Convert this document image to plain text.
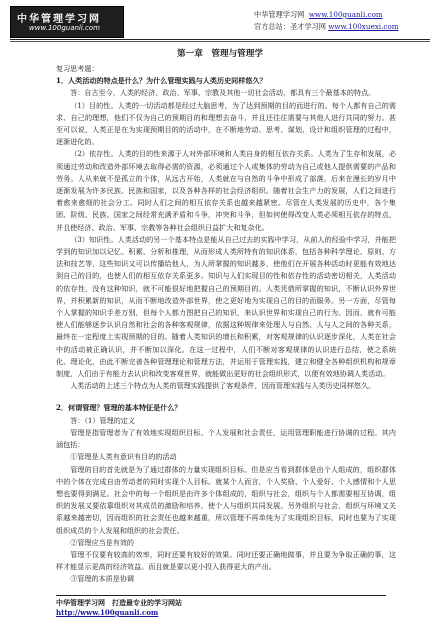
中华管理学习网
www.100guanli.com
中华管理学习网 www.100guanli.com
官方总站：圣才学习网 www.100xuexi.com
第一章　管理与管理学

复习思考题：

1．人类活动的特点是什么？为什么管理实践与人类历史同样悠久？

答：自古至今，人类的经济、政治、军事、宗教及其他一切社会活动，都具有三个最基本的特点。

（1）目的性。人类的一切活动都是经过大脑思考，为了达到预期的目的而进行的。每个人都有自己的需求、自己的理想，他们不仅为自己的预期目的和理想去奋斗，并且还往往需要与其他人进行共同的努力。甚至可以说，人类正是在为实现预期目的的活动中，在不断地劳动、思考、谋划、设计和组织管理的过程中，逐渐进化的。

（2）依存性。人类的目的性来源于人对外部环境和人类自身的相互依存关系。人类为了生存和发展，必须通过劳动和改造外部环境去取得必需的资源，必须通过个人或集体的劳动为自己或他人提供需要的产品和劳务。人从来就不是孤立的个体，从远古开始，人类就在与自然的斗争中形成了部落，后来在漫长的岁月中逐渐发展为许多民族、民族和国家，以及各种各样的社会经济组织。随着社会生产力的发展，人们之间进行着愈来愈细的社会分工。同时人们之间的相互依存关系也越来越紧密。尽管在人类发展的历史中，各个集团、阶级、民族、国家之间经常充满矛盾和斗争，冲突和斗争，但如何使得改变人类必须相互依存的特点，并且使经济、政治、军事、宗教等各种社会组织日益扩大和复杂化。

（3）知识性。人类活动的另一个基本特点是能从自己过去的实践中学习，从前人的经验中学习，并能把学到的知识加以记忆、积累、分析和推理，从而形成人类所特有的知识体系，包括各种科学理论、原则、方法和技艺等，这些知识又可以传播给他人，为人所掌握的知识越多，使他们在开展各种活动时更能有效地达到自己的目的，也使人们的相互依存关系更多。知识与人们实现目的性和依存性的活动密切相关，人类活动的依存性，没有这种知识，就不可能很好地把握自己的预期目的。人类凭借所掌握的知识，不断认识外界世界，并积累新的知识，从而不断地改造外部世界，使之更好地为实现自己的目的而服务。另一方面，尽管每个人掌握的知识手差万别，但每个人都力图把自己的知识，来认识世界和实现自己的行为。因而，就有可能使人们能够逐步认识自然和社会的各种客观规律，依据这种规律来处理人与自然、人与人之间的各种关系，最终在一定程度上实现预期的目的。随着人类知识的增长和积累，对客观规律的认识逐步深化，人类在社会中的活动被正确认识，并不断加以深化。在这一过程中，人们不断对客观规律的认识进行总结，使之系统化、理论化，由此不断完善各种管理理论和管理方法，并运用于管理实践，建立和健全各种组织机构和规章制度，人们由于有能力去认识和改变客观世界，就能做出更好的社会组织形式，以便有效地协调人类活动。

人类活动的上述三个特点为人类的管理实践提供了客观条件，因而管理实践与人类历史同样悠久。

2．何谓管理？管理的基本特征是什么？

答：（1）管理的定义

管理是指管理者为了有效地实现组织目标、个人发展和社会责任，运用管理职能进行协调的过程。其内涵包括：

①管理是人类有意识有目的的活动

管理的目的首先就是为了通过群体的力量实现组织目标。但是应当看到群体是由个人组成的，组织群体中的个体在完成自由劳动者的同时实现个人目标。就某个人而言，个人奖励、个人爱好、个人感情和个人思想也要得到满足。社会中的每一个组织是由许多个体组成的，组织与社会，组织与个人都需要相互协调，组织的发展又要依靠组织对其成员的激励和培养，使个人与组织共同发展。另外组织与社会，组织与环境又关系越来越密切，因而组织的社会责任也越来越重，所以管理不再单纯为了实现组织目标，同时也要为了实现组织成员的个人发展和组织的社会责任。

②管理应当是有效的

管理不仅要有较高的效率，同时还要有较好的效果。同时还要正确地做事，并且要为争取正确的事，这样才能显示更高的经济效益。而且就是要以更小投入获得更大的产出。

③管理的本质是协调

中华管理学习网　打造最专业的学习网站
http://www.100guanli.com
